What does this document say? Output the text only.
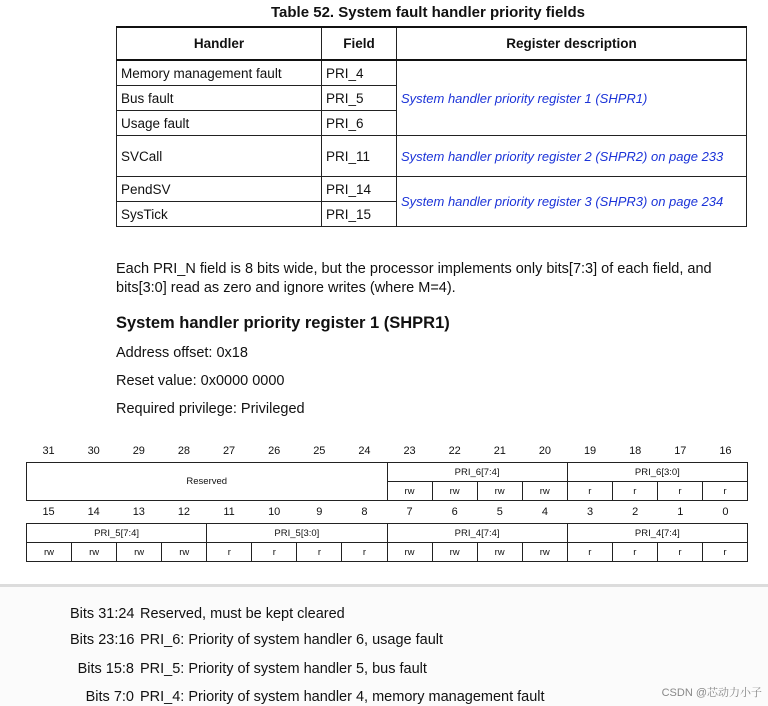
Table 52. System fault handler priority fields
Handler	Field	Register description
Memory management fault	PRI_4	System handler priority register 1 (SHPR1)
Bus fault	PRI_5	
Usage fault	PRI_6	
SVCall	PRI_11	System handler priority register 2 (SHPR2) on page 233
PendSV	PRI_14	System handler priority register 3 (SHPR3) on page 234
SysTick	PRI_15	
Each PRI_N field is 8 bits wide, but the processor implements only bits[7:3] of each field, and bits[3:0] read as zero and ignore writes (where M=4).
System handler priority register 1 (SHPR1)
Address offset: 0x18
Reset value: 0x0000 0000
Required privilege: Privileged
31	30	29	28	27	26	25	24	23	22	21	20	19	18	17	16
Reserved	PRI_6[7:4]				PRI_6[3:0]			
	rw	rw	rw	rw	r	r	r	r
15	14	13	12	11	10	9	8	7	6	5	4	3	2	1	0
PRI_5[7:4]				PRI_5[3:0]				PRI_4[7:4]				PRI_4[7:4]			
rw	rw	rw	rw	r	r	r	r	rw	rw	rw	rw	r	r	r	r
Bits 31:24 Reserved, must be kept cleared
Bits 23:16 PRI_6: Priority of system handler 6, usage fault
Bits 15:8 PRI_5: Priority of system handler 5, bus fault
Bits 7:0 PRI_4: Priority of system handler 4, memory management fault	CSDN @芯动力小子
